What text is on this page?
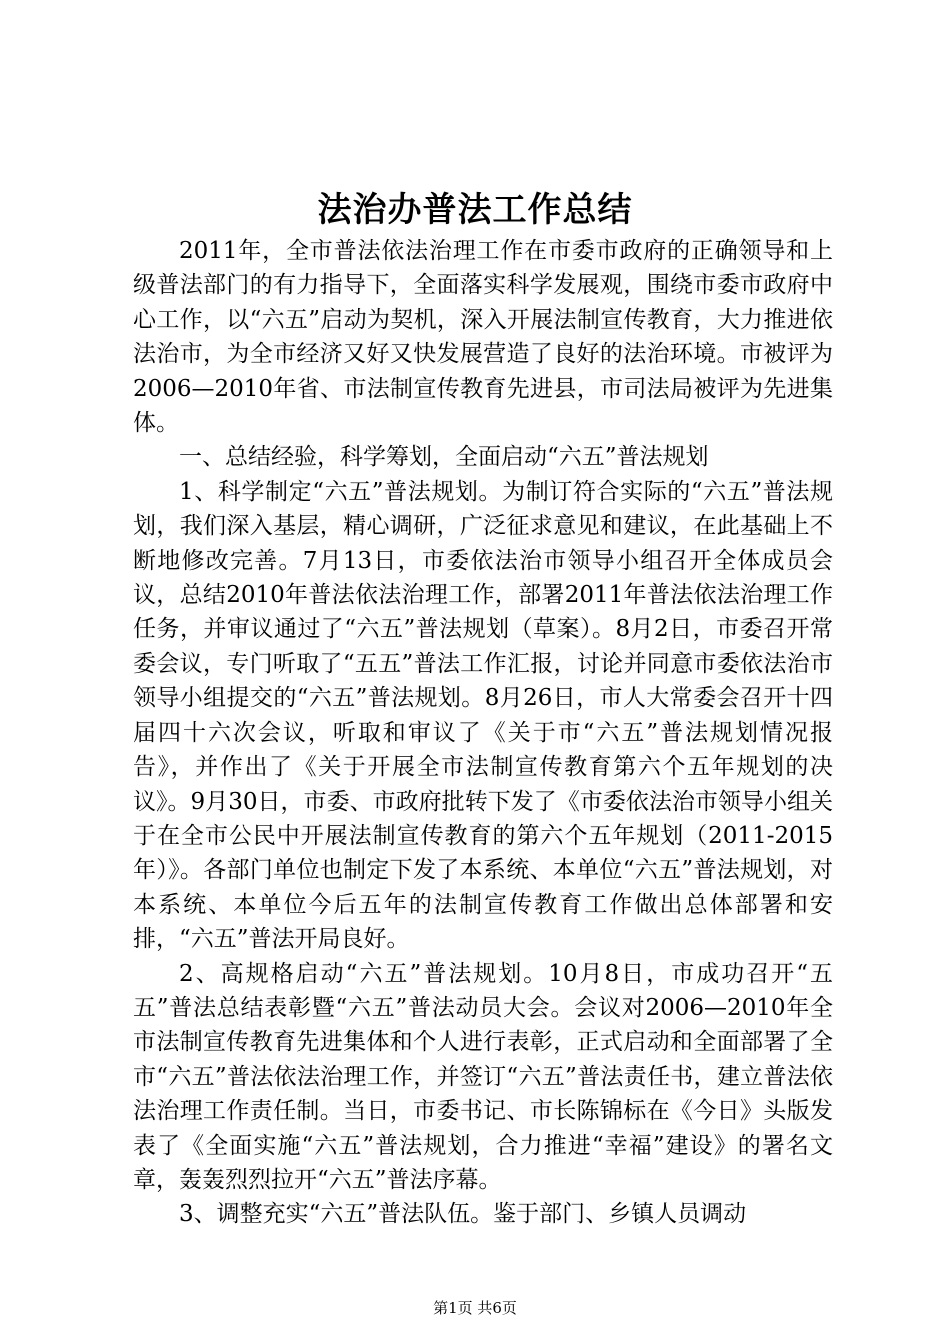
法治办普法工作总结

2011年，全市普法依法治理工作在市委市政府的正确领导和上级普法部门的有力指导下，全面落实科学发展观，围绕市委市政府中心工作，以“六五”启动为契机，深入开展法制宣传教育，大力推进依法治市，为全市经济又好又快发展营造了良好的法治环境。市被评为2006—2010年省、市法制宣传教育先进县，市司法局被评为先进集体。

一、总结经验，科学筹划，全面启动“六五”普法规划

1、科学制定“六五”普法规划。为制订符合实际的“六五”普法规划，我们深入基层，精心调研，广泛征求意见和建议，在此基础上不断地修改完善。7月13日，市委依法治市领导小组召开全体成员会议，总结2010年普法依法治理工作，部署2011年普法依法治理工作任务，并审议通过了“六五”普法规划（草案）。8月2日，市委召开常委会议，专门听取了“五五”普法工作汇报，讨论并同意市委依法治市领导小组提交的“六五”普法规划。8月26日，市人大常委会召开十四届四十六次会议，听取和审议了《关于市“六五”普法规划情况报告》，并作出了《关于开展全市法制宣传教育第六个五年规划的决议》。9月30日，市委、市政府批转下发了《市委依法治市领导小组关于在全市公民中开展法制宣传教育的第六个五年规划（2011-2015年）》。各部门单位也制定下发了本系统、本单位“六五”普法规划，对本系统、本单位今后五年的法制宣传教育工作做出总体部署和安排，“六五”普法开局良好。

2、高规格启动“六五”普法规划。10月8日，市成功召开“五五”普法总结表彰暨“六五”普法动员大会。会议对2006—2010年全市法制宣传教育先进集体和个人进行表彰，正式启动和全面部署了全市“六五”普法依法治理工作，并签订“六五”普法责任书，建立普法依法治理工作责任制。当日，市委书记、市长陈锦标在《今日》头版发表了《全面实施“六五”普法规划，合力推进“幸福”建设》的署名文章，轰轰烈烈拉开“六五”普法序幕。

3、调整充实“六五”普法队伍。鉴于部门、乡镇人员调动

第1页 共6页
